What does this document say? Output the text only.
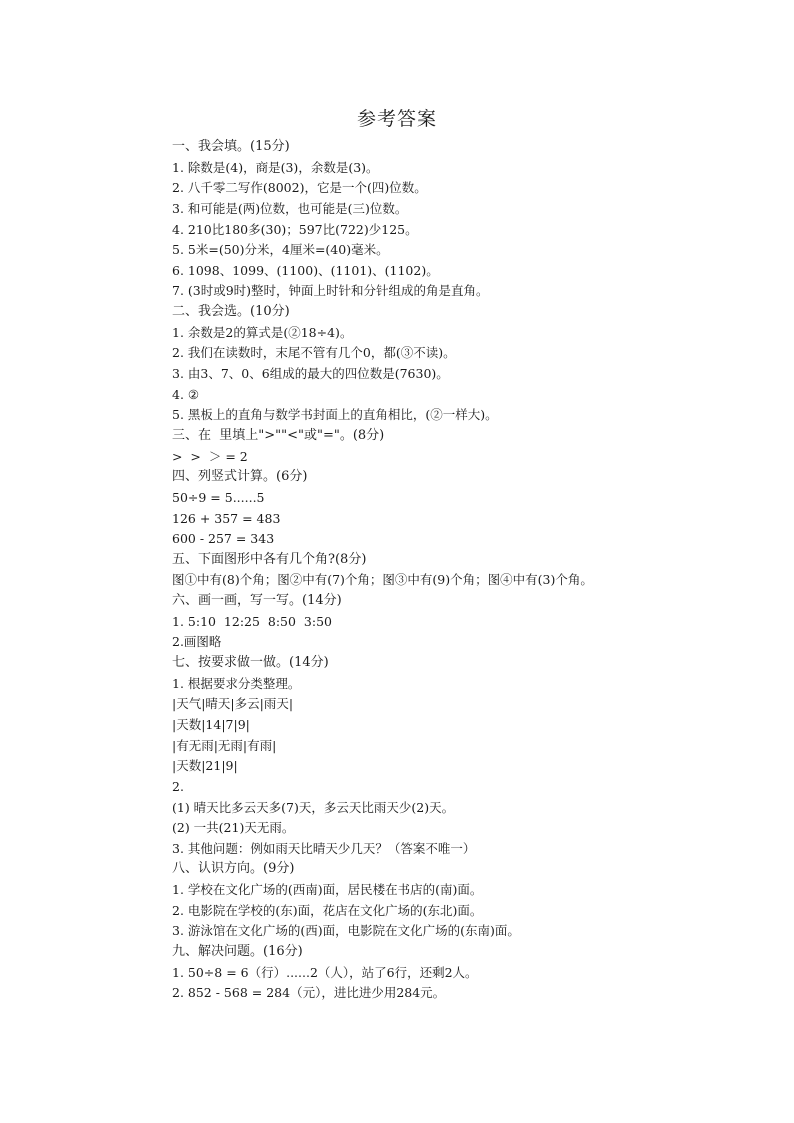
参考答案
一、我会填。(15分)
1. 除数是(4)，商是(3)，余数是(3)。
2. 八千零二写作(8002)，它是一个(四)位数。
3. 和可能是(两)位数，也可能是(三)位数。
4. 210比180多(30)；597比(722)少125。
5. 5米=(50)分米，4厘米=(40)毫米。
6. 1098、1099、(1100)、(1101)、(1102)。
7. (3时或9时)整时，钟面上时针和分针组成的角是直角。
二、我会选。(10分)
1. 余数是2的算式是(②18÷4)。
2. 我们在读数时，末尾不管有几个0，都(③不读)。
3. 由3、7、0、6组成的最大的四位数是(7630)。
4. ②
5. 黑板上的直角与数学书封面上的直角相比，(②一样大)。
三、在  里填上">""<"或"="。(8分)
>  >  ＞ = 2
四、列竖式计算。(6分)
50÷9 = 5......5
126 + 357 = 483
600 - 257 = 343
五、下面图形中各有几个角?(8分)
图①中有(8)个角；图②中有(7)个角；图③中有(9)个角；图④中有(3)个角。
六、画一画，写一写。(14分)
1. 5:10  12:25  8:50  3:50
2.画图略
七、按要求做一做。(14分)
1. 根据要求分类整理。
|天气|晴天|多云|雨天|
|天数|14|7|9|
|有无雨|无雨|有雨|
|天数|21|9|
2.
(1) 晴天比多云天多(7)天，多云天比雨天少(2)天。
(2) 一共(21)天无雨。
3. 其他问题：例如雨天比晴天少几天？（答案不唯一）
八、认识方向。(9分)
1. 学校在文化广场的(西南)面，居民楼在书店的(南)面。
2. 电影院在学校的(东)面，花店在文化广场的(东北)面。
3. 游泳馆在文化广场的(西)面，电影院在文化广场的(东南)面。
九、解决问题。(16分)
1. 50÷8 = 6（行）......2（人），站了6行，还剩2人。
2. 852 - 568 = 284（元），进比进少用284元。
